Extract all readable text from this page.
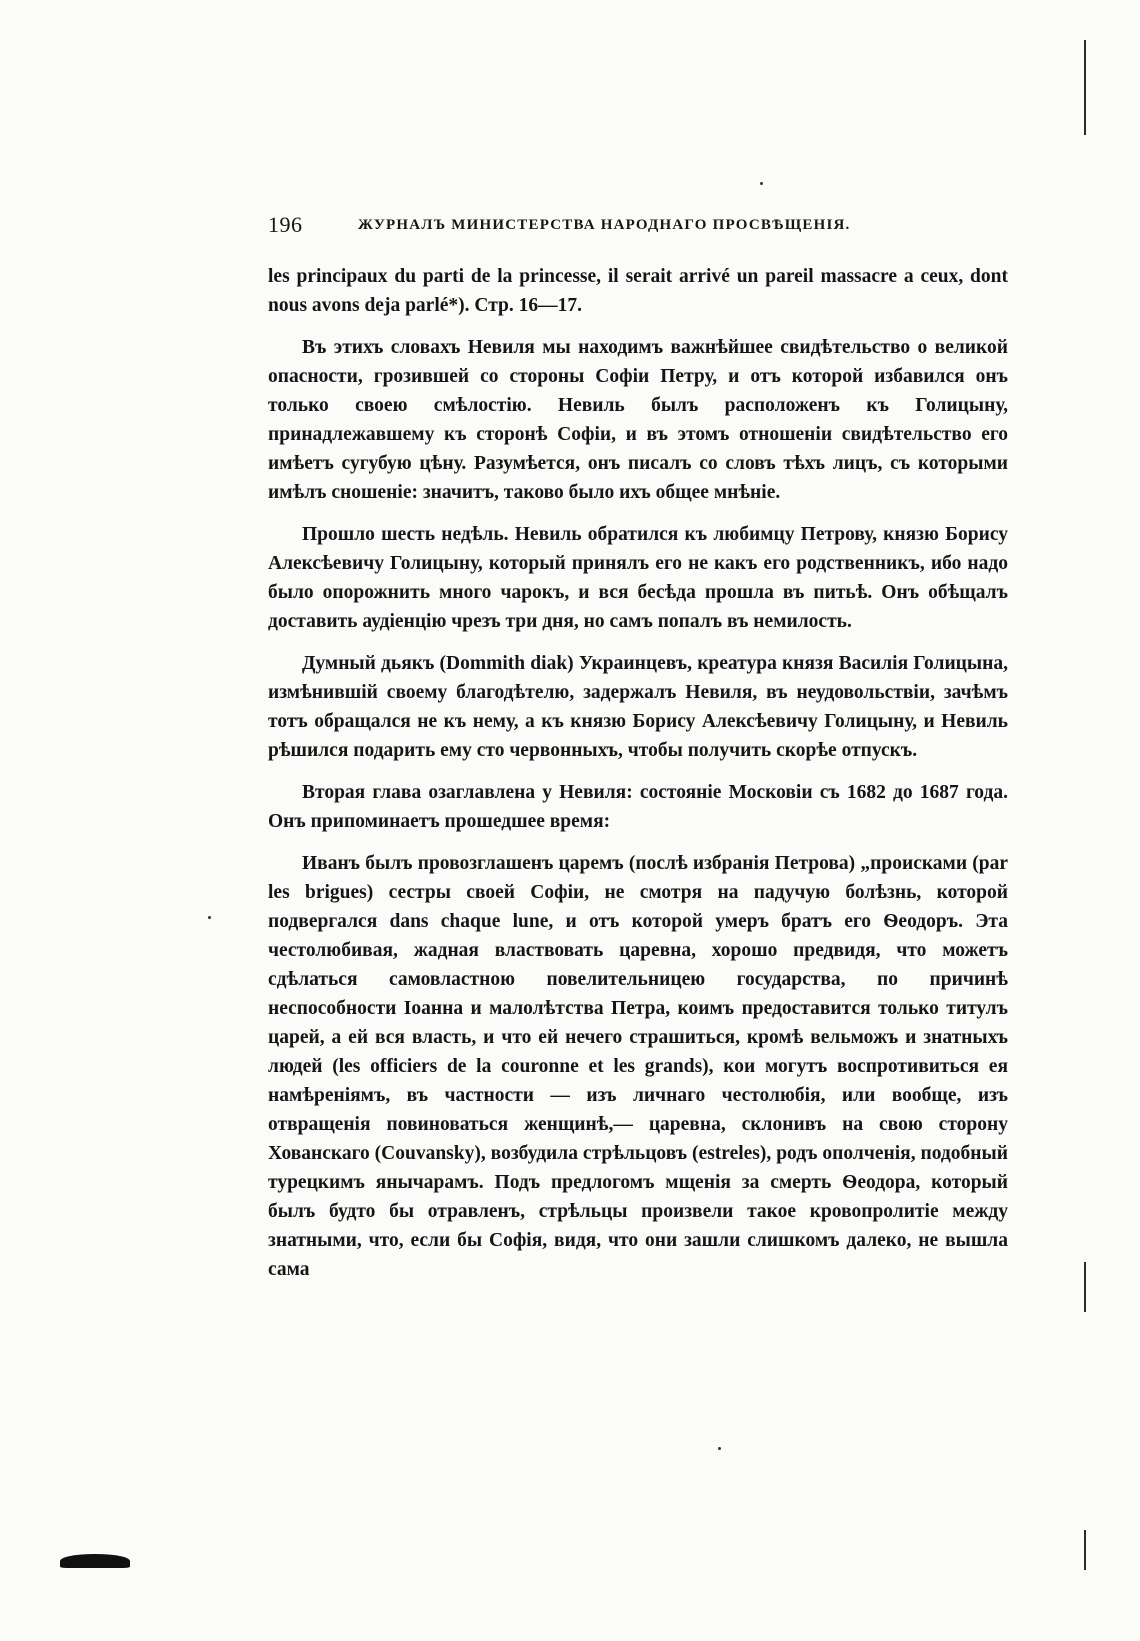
196	ЖУРНАЛЪ МИНИСТЕРСТВА НАРОДНАГО ПРОСВѢЩЕНІЯ.

les principaux du parti de la princesse, il serait arrivé un pareil massacre a ceux, dont nous avons deja parlé*). Стр. 16—17.

Въ этихъ словахъ Невиля мы находимъ важнѣйшее свидѣтельство о великой опасности, грозившей со стороны Софіи Петру, и отъ которой избавился онъ только своею смѣлостію. Невиль былъ расположенъ къ Голицыну, принадлежавшему къ сторонѣ Софіи, и въ этомъ отношеніи свидѣтельство его имѣетъ сугубую цѣну. Разумѣется, онъ писалъ со словъ тѣхъ лицъ, съ которыми имѣлъ сношеніе: значитъ, таково было ихъ общее мнѣніе.

Прошло шесть недѣль. Невиль обратился къ любимцу Петрову, князю Борису Алексѣевичу Голицыну, который принялъ его не какъ его родственникъ, ибо надо было опорожнить много чарокъ, и вся бесѣда прошла въ питьѣ. Онъ обѣщалъ доставить аудіенцію чрезъ три дня, но самъ попалъ въ немилость.

Думный дьякъ (Dommith diak) Украинцевъ, креатура князя Василія Голицына, измѣнившій своему благодѣтелю, задержалъ Невиля, въ неудовольствіи, зачѣмъ тотъ обращался не къ нему, а къ князю Борису Алексѣевичу Голицыну, и Невиль рѣшился подарить ему сто червонныхъ, чтобы получить скорѣе отпускъ.

Вторая глава озаглавлена у Невиля: состояніе Московіи съ 1682 до 1687 года. Онъ припоминаетъ прошедшее время:

Иванъ былъ провозглашенъ царемъ (послѣ избранія Петрова) „происками (par les brigues) сестры своей Софіи, не смотря на падучую болѣзнь, которой подвергался dans chaque lune, и отъ которой умеръ братъ его Ѳеодоръ. Эта честолюбивая, жадная властвовать царевна, хорошо предвидя, что можетъ сдѣлаться самовластною повелительницею государства, по причинѣ неспособности Іоанна и малолѣтства Петра, коимъ предоставится только титулъ царей, а ей вся власть, и что ей нечего страшиться, кромѣ вельможъ и знатныхъ людей (les officiers de la couronne et les grands), кои могутъ воспротивиться ея намѣреніямъ, въ частности — изъ личнаго честолюбія, или вообще, изъ отвращенія повиноваться женщинѣ,— царевна, склонивъ на свою сторону Хованскаго (Couvansky), возбудила стрѣльцовъ (estreles), родъ ополченія, подобный турецкимъ янычарамъ. Подъ предлогомъ мщенія за смерть Ѳеодора, который былъ будто бы отравленъ, стрѣльцы произвели такое кровопролитіе между знатными, что, если бы Софія, видя, что они зашли слишкомъ далеко, не вышла сама
